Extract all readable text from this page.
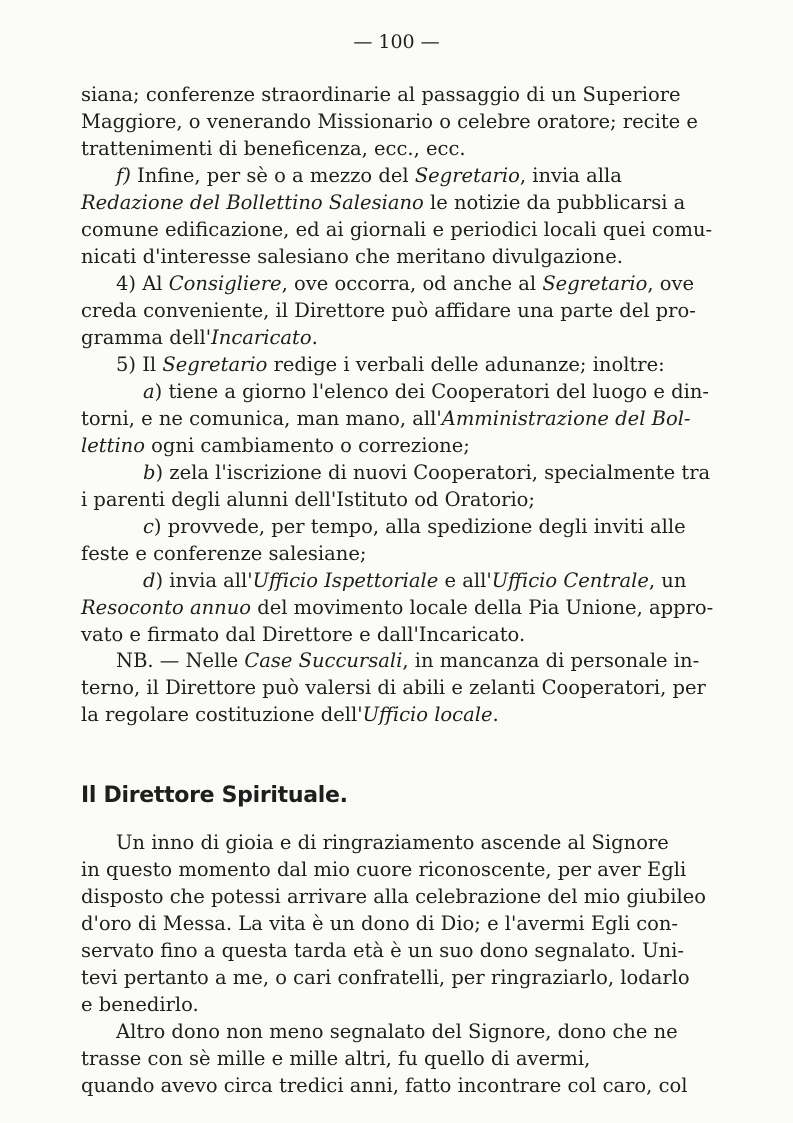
— 100 —
siana; conferenze straordinarie al passaggio di un Superiore
Maggiore, o venerando Missionario o celebre oratore; recite e
trattenimenti di beneficenza, ecc., ecc.
f) Infine, per sè o a mezzo del Segretario, invia alla
Redazione del Bollettino Salesiano le notizie da pubblicarsi a
comune edificazione, ed ai giornali e periodici locali quei comu-
nicati d'interesse salesiano che meritano divulgazione.
4) Al Consigliere, ove occorra, od anche al Segretario, ove
creda conveniente, il Direttore può affidare una parte del pro-
gramma dell'Incaricato.
5) Il Segretario redige i verbali delle adunanze; inoltre:
a) tiene a giorno l'elenco dei Cooperatori del luogo e din-
torni, e ne comunica, man mano, all'Amministrazione del Bol-
lettino ogni cambiamento o correzione;
b) zela l'iscrizione di nuovi Cooperatori, specialmente tra
i parenti degli alunni dell'Istituto od Oratorio;
c) provvede, per tempo, alla spedizione degli inviti alle
feste e conferenze salesiane;
d) invia all'Ufficio Ispettoriale e all'Ufficio Centrale, un
Resoconto annuo del movimento locale della Pia Unione, appro-
vato e firmato dal Direttore e dall'Incaricato.
NB. — Nelle Case Succursali, in mancanza di personale in-
terno, il Direttore può valersi di abili e zelanti Cooperatori, per
la regolare costituzione dell'Ufficio locale.
Il Direttore Spirituale.
Un inno di gioia e di ringraziamento ascende al Signore
in questo momento dal mio cuore riconoscente, per aver Egli
disposto che potessi arrivare alla celebrazione del mio giubileo
d'oro di Messa. La vita è un dono di Dio; e l'avermi Egli con-
servato fino a questa tarda età è un suo dono segnalato. Uni-
tevi pertanto a me, o cari confratelli, per ringraziarlo, lodarlo
e benedirlo.
Altro dono non meno segnalato del Signore, dono che ne
trasse con sè mille e mille altri, fu quello di avermi,
quando avevo circa tredici anni, fatto incontrare col caro, col
